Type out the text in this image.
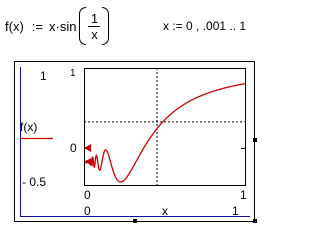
f(x) := $x\cdot\sin \frac{1}{x}$	x := 0 , .001 .. 1
f(x)
1
- 0.5
1
0
0	1
0	x	1
